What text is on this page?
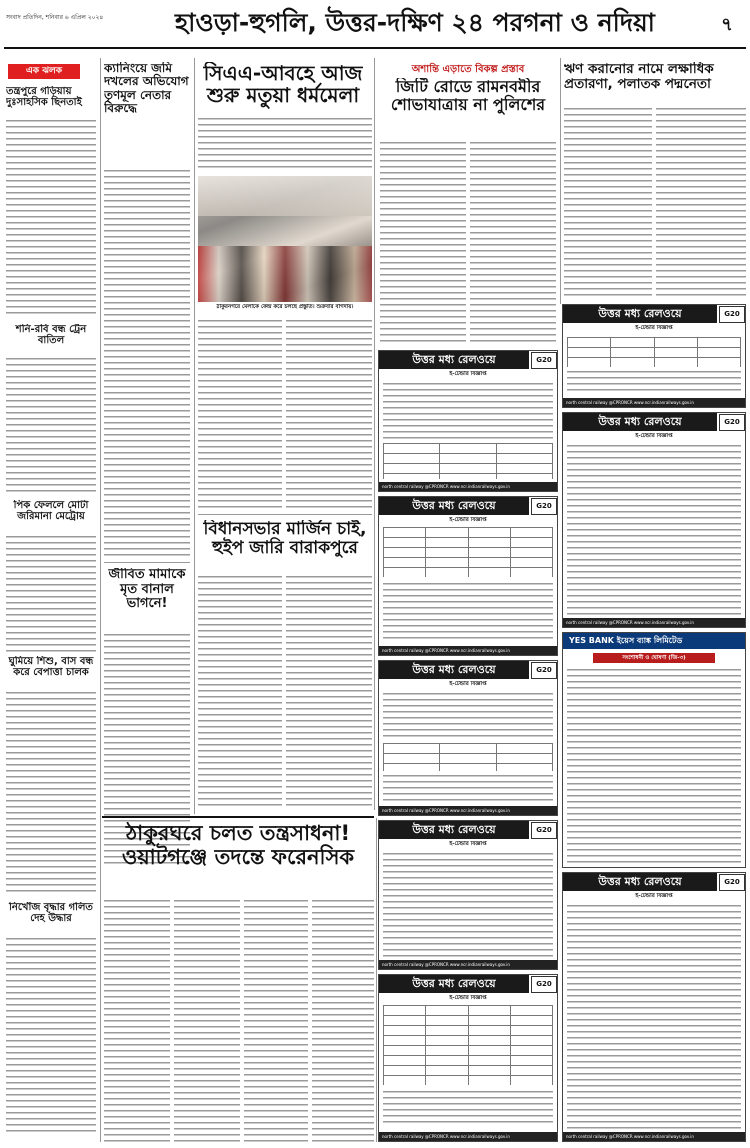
সংবাদ প্রতিদিন, শনিবার ৬ এপ্রিল ২০২৪	হাওড়া-হুগলি, উত্তর-দক্ষিণ ২৪ পরগনা ও নদিয়া	৭
এক ঝলক
তন্ত্রপুরে গড়িয়ায় দুঃসাহসিক ছিনতাই
শনি-রবি বন্ধ ট্রেন বাতিল
পিক ফেললে মোটা জরিমানা মেট্রোয়
ঘুমিয়ে শিশু, বাস বন্ধ করে বেপাত্তা চালক
নির্খোঁজ বৃদ্ধার গলিত দেহ উদ্ধার
ক্যানিংয়ে জমি দখলের অভিযোগ তৃণমূল নেতার বিরুদ্ধে
জীবিত মামাকে মৃত বানাল ভাগনে!
সিএএ-আবহে আজ শুরু মতুয়া ধর্মমেলা
ঠাকুরনগরে মেলাকে কেন্দ্র করে চলছে প্রস্তুতি। শুক্রবার বাগদায়।
বিধানসভার মার্জিন চাই, হুইপ জারি বারাকপুরে
ঠাকুরঘরে চলত তন্ত্রসাধনা! ওয়াটগঞ্জে তদন্তে ফরেনসিক
অশান্তি এড়াতে বিকল্প প্রস্তাব
জিটি রোডে রামনবমীর শোভাযাত্রায় না পুলিশের
ঋণ করানোর নামে লক্ষাধিক প্রতারণা, পলাতক পদ্মনেতা
উত্তর মধ্য রেলওয়ে	G20
ই-টেন্ডার বিজ্ঞপ্তি

north central railway @CPRONCR www.ncr.indianrailways.gov.in
উত্তর মধ্য রেলওয়ে	G20
ই-টেন্ডার বিজ্ঞপ্তি

north central railway @CPRONCR www.ncr.indianrailways.gov.in
উত্তর মধ্য রেলওয়ে	G20
ই-টেন্ডার বিজ্ঞপ্তি

north central railway @CPRONCR www.ncr.indianrailways.gov.in
উত্তর মধ্য রেলওয়ে	G20
ই-টেন্ডার বিজ্ঞপ্তি
north central railway @CPRONCR www.ncr.indianrailways.gov.in
উত্তর মধ্য রেলওয়ে	G20
ই-টেন্ডার বিজ্ঞপ্তি

north central railway @CPRONCR www.ncr.indianrailways.gov.in
উত্তর মধ্য রেলওয়ে	G20
ই-টেন্ডার বিজ্ঞপ্তি

north central railway @CPRONCR www.ncr.indianrailways.gov.in
উত্তর মধ্য রেলওয়ে	G20
ই-টেন্ডার বিজ্ঞপ্তি
north central railway @CPRONCR www.ncr.indianrailways.gov.in
YES BANK ইয়েস ব্যাঙ্ক লিমিটেড
সংশোধনী ও ঘোষণা (জি-৩)
উত্তর মধ্য রেলওয়ে	G20
ই-টেন্ডার বিজ্ঞপ্তি
north central railway @CPRONCR www.ncr.indianrailways.gov.in
